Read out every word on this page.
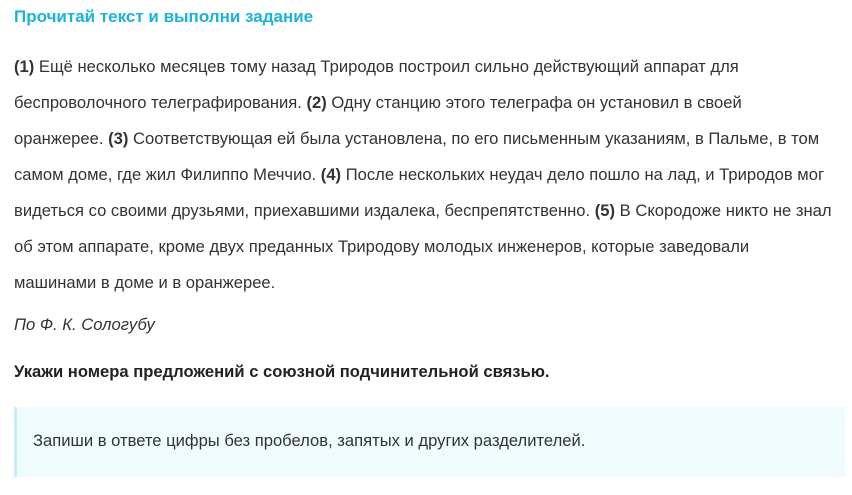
Прочитай текст и выполни задание
(1) Ещё несколько месяцев тому назад Триродов построил сильно действующий аппарат для беспроволочного телеграфирования. (2) Одну станцию этого телеграфа он установил в своей оранжерее. (3) Соответствующая ей была установлена, по его письменным указаниям, в Пальме, в том самом доме, где жил Филиппо Меччио. (4) После нескольких неудач дело пошло на лад, и Триродов мог видеться со своими друзьями, приехавшими издалека, беспрепятственно. (5) В Скородоже никто не знал об этом аппарате, кроме двух преданных Триродову молодых инженеров, которые заведовали машинами в доме и в оранжерее.
По Ф. К. Сологубу
Укажи номера предложений с союзной подчинительной связью.
Запиши в ответе цифры без пробелов, запятых и других разделителей.
